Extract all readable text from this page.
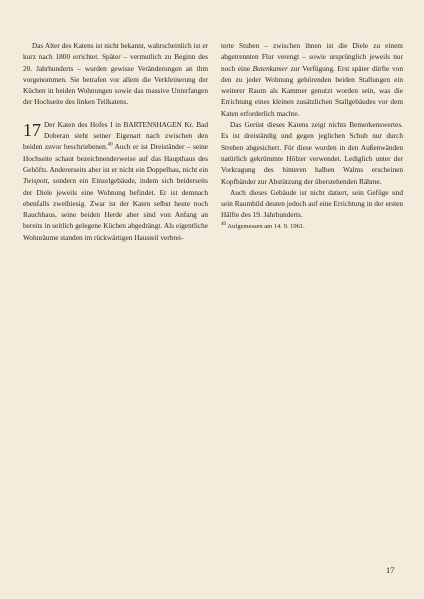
Das Alter des Katens ist nicht bekannt, wahrscheinlich ist er kurz nach 1800 errichtet. Später – vermutlich zu Beginn des 20. Jahrhunderts – wurden gewisse Veränderungen an ihm vorgenommen. Sie betrafen vor allem die Verkleinerung der Küchen in beiden Wohnungen sowie das massive Unterfangen der Hochseite des linken Teilkatens.

17 Der Katen des Hofes I in BARTENSHAGEN Kr. Bad Doberan steht seiner Eigenart nach zwischen den beiden zuvor beschriebenen.$^{40}$ Auch er ist Dreiständer – seine Hochseite schaut bezeichnenderweise auf das Haupthaus des Gehöfts. Andererseits aber ist er nicht ein Doppelhau, nicht ein Twispott, sondern ein Einzelgebäude, indem sich beiderseits der Diele jeweils eine Wohnung befindet. Er ist demnach ebenfalls zweihiesig. Zwar ist der Katen selbst heute noch Rauchhaus, seine beiden Herde aber sind von Anfang an bereits in seitlich gelegene Küchen abgedrängt. Als eigentliche Wohnräume standen im rückwärtigen Hausteil verbrei-

terte Stuben – zwischen ihnen ist die Diele zu einem abgetrennten Flur verengt – sowie ursprünglich jeweils nur noch eine Butenkamer zur Verfügung. Erst später dürfte von den zu jeder Wohnung gehörenden beiden Stallungen ein weiterer Raum als Kammer genutzt worden sein, was die Errichtung eines kleinen zusätzlichen Stallgebäudes vor dem Katen erforderlich machte.

Das Gerüst dieses Katens zeigt nichts Bemerkenswertes. Es ist dreiständig und gegen jeglichen Schub nur durch Streben abgesichert. Für diese wurden in den Außenwänden natürlich gekrümmte Hölzer verwendet. Lediglich unter der Vorkragung des hinteren halben Walms erscheinen Kopfbänder zur Abstützung der überstehenden Rähme.

Auch dieses Gebäude ist nicht datiert, sein Gefüge und sein Raumbild deuten jedoch auf eine Errichtung in der ersten Hälfte des 19. Jahrhunderts.

$^{40}$ Aufgemessen am 14. 9. 1961.

17
